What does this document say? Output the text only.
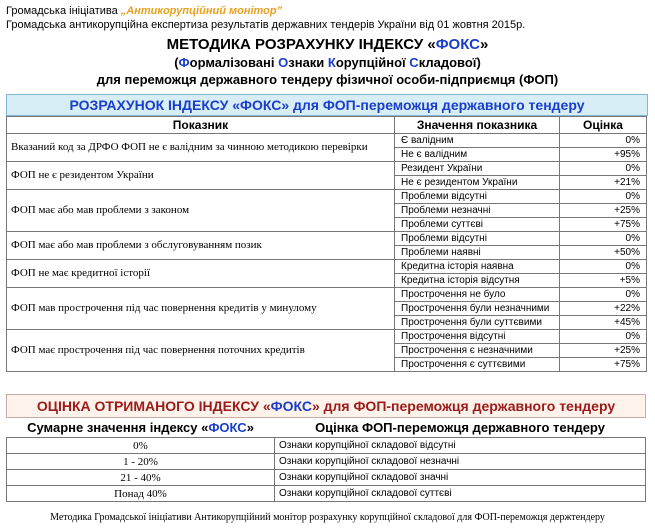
Громадська ініціатива „Антикорупційний монітор”
Громадська антикорупційна експертиза результатів державних тендерів України від 01 жовтня 2015р.
МЕТОДИКА РОЗРАХУНКУ ІНДЕКСУ «ФОКС»
(Формалізовані Ознаки Корупційної Складової)
для переможця державного тендеру фізичної особи-підприємця (ФОП)
РОЗРАХУНОК ІНДЕКСУ «ФОКС» для ФОП-переможця державного тендеру
Показник	Значення показника	Оцінка
Вказаний код за ДРФО ФОП не є валідним за чинною методикою перевірки	Є валідним	0%
	Не є валідним	+95%
ФОП не є резидентом України	Резидент України	0%
	Не є резидентом України	+21%
ФОП має або мав проблеми з законом	Проблеми відсутні	0%
	Проблеми незначні	+25%
	Проблеми суттєві	+75%
ФОП має або мав проблеми з обслуговуванням позик	Проблеми відсутні	0%
	Проблеми наявні	+50%
ФОП не має кредитної історії	Кредитна історія наявна	0%
	Кредитна історія відсутня	+5%
ФОП мав прострочення під час повернення кредитів у минулому	Прострочення не було	0%
	Прострочення були незначними	+22%
	Прострочення були суттєвими	+45%
ФОП має прострочення під час повернення поточних кредитів	Прострочення відсутні	0%
	Прострочення є незначними	+25%
	Прострочення є суттєвими	+75%
ОЦІНКА ОТРИМАНОГО ІНДЕКСУ «ФОКС» для ФОП-переможця державного тендеру
Сумарне значення індексу «ФОКС»	Оцінка ФОП-переможця державного тендеру
0%	Ознаки корупційної складової відсутні
1 - 20%	Ознаки корупційної складової незначні
21 - 40%	Ознаки корупційної складової значні
Понад 40%	Ознаки корупційної складової суттєві
Методика Громадської ініціативи Антикорупційний монітор розрахунку корупційної складової для ФОП-переможця держтендеру
